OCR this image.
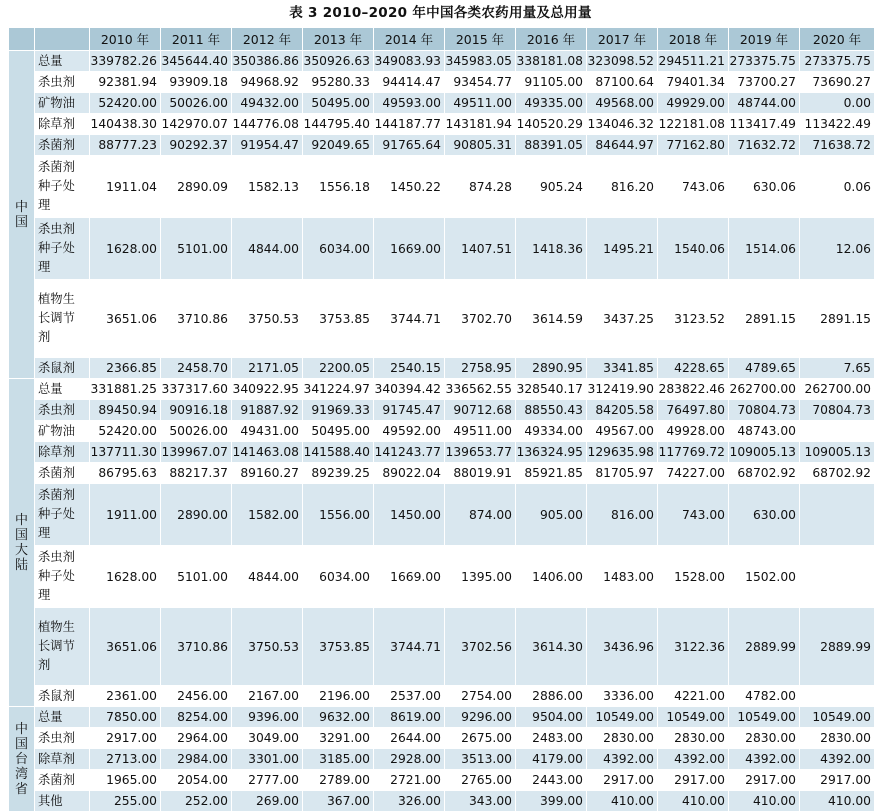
表 3 2010–2020 年中国各类农药用量及总用量
		2010 年	2011 年	2012 年	2013 年	2014 年	2015 年	2016 年	2017 年	2018 年	2019 年	2020 年
中国	总量	339782.26	345644.40	350386.86	350926.63	349083.93	345983.05	338181.08	323098.52	294511.21	273375.75	273375.75
	杀虫剂	92381.94	93909.18	94968.92	95280.33	94414.47	93454.77	91105.00	87100.64	79401.34	73700.27	73690.27
	矿物油	52420.00	50026.00	49432.00	50495.00	49593.00	49511.00	49335.00	49568.00	49929.00	48744.00	0.00
	除草剂	140438.30	142970.07	144776.08	144795.40	144187.77	143181.94	140520.29	134046.32	122181.08	113417.49	113422.49
	杀菌剂	88777.23	90292.37	91954.47	92049.65	91765.64	90805.31	88391.05	84644.97	77162.80	71632.72	71638.72
	杀菌剂种子处理	1911.04	2890.09	1582.13	1556.18	1450.22	874.28	905.24	816.20	743.06	630.06	0.06
	杀虫剂种子处理	1628.00	5101.00	4844.00	6034.00	1669.00	1407.51	1418.36	1495.21	1540.06	1514.06	12.06
	植物生长调节剂	3651.06	3710.86	3750.53	3753.85	3744.71	3702.70	3614.59	3437.25	3123.52	2891.15	2891.15
	杀鼠剂	2366.85	2458.70	2171.05	2200.05	2540.15	2758.95	2890.95	3341.85	4228.65	4789.65	7.65
中国大陆	总量	331881.25	337317.60	340922.95	341224.97	340394.42	336562.55	328540.17	312419.90	283822.46	262700.00	262700.00
	杀虫剂	89450.94	90916.18	91887.92	91969.33	91745.47	90712.68	88550.43	84205.58	76497.80	70804.73	70804.73
	矿物油	52420.00	50026.00	49431.00	50495.00	49592.00	49511.00	49334.00	49567.00	49928.00	48743.00	
	除草剂	137711.30	139967.07	141463.08	141588.40	141243.77	139653.77	136324.95	129635.98	117769.72	109005.13	109005.13
	杀菌剂	86795.63	88217.37	89160.27	89239.25	89022.04	88019.91	85921.85	81705.97	74227.00	68702.92	68702.92
	杀菌剂种子处理	1911.00	2890.00	1582.00	1556.00	1450.00	874.00	905.00	816.00	743.00	630.00	
	杀虫剂种子处理	1628.00	5101.00	4844.00	6034.00	1669.00	1395.00	1406.00	1483.00	1528.00	1502.00	
	植物生长调节剂	3651.06	3710.86	3750.53	3753.85	3744.71	3702.56	3614.30	3436.96	3122.36	2889.99	2889.99
	杀鼠剂	2361.00	2456.00	2167.00	2196.00	2537.00	2754.00	2886.00	3336.00	4221.00	4782.00	
中国台湾省	总量	7850.00	8254.00	9396.00	9632.00	8619.00	9296.00	9504.00	10549.00	10549.00	10549.00	10549.00
	杀虫剂	2917.00	2964.00	3049.00	3291.00	2644.00	2675.00	2483.00	2830.00	2830.00	2830.00	2830.00
	除草剂	2713.00	2984.00	3301.00	3185.00	2928.00	3513.00	4179.00	4392.00	4392.00	4392.00	4392.00
	杀菌剂	1965.00	2054.00	2777.00	2789.00	2721.00	2765.00	2443.00	2917.00	2917.00	2917.00	2917.00
	其他	255.00	252.00	269.00	367.00	326.00	343.00	399.00	410.00	410.00	410.00	410.00
